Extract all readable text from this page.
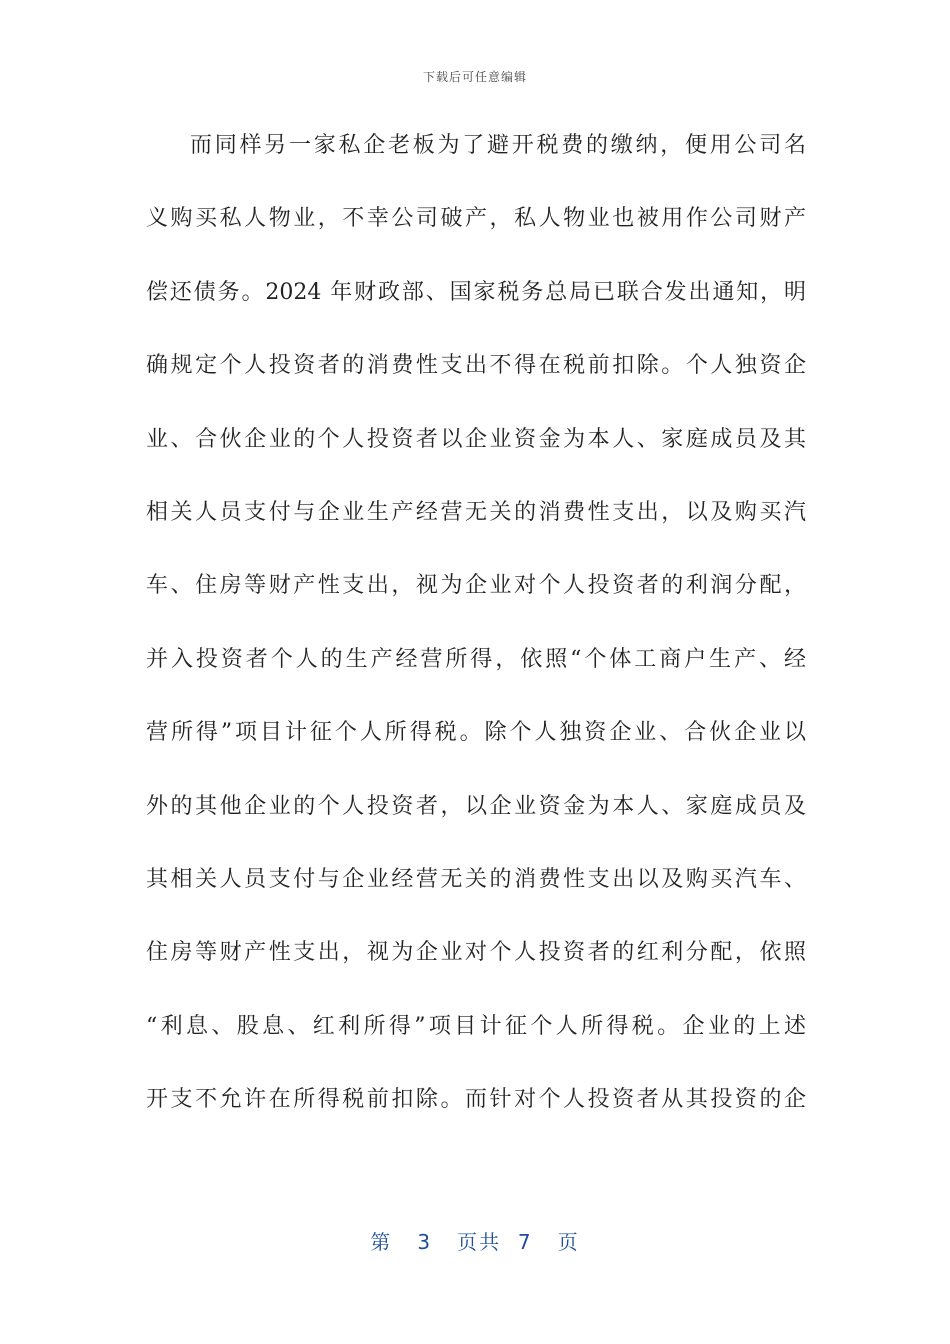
下载后可任意编辑
而同样另一家私企老板为了避开税费的缴纳，便用公司名
义购买私人物业，不幸公司破产，私人物业也被用作公司财产
偿还债务。2024 年财政部、国家税务总局已联合发出通知，明
确规定个人投资者的消费性支出不得在税前扣除。个人独资企
业、合伙企业的个人投资者以企业资金为本人、家庭成员及其
相关人员支付与企业生产经营无关的消费性支出，以及购买汽
车、住房等财产性支出，视为企业对个人投资者的利润分配，
并入投资者个人的生产经营所得，依照“个体工商户生产、经
营所得”项目计征个人所得税。除个人独资企业、合伙企业以
外的其他企业的个人投资者，以企业资金为本人、家庭成员及
其相关人员支付与企业经营无关的消费性支出以及购买汽车、
住房等财产性支出，视为企业对个人投资者的红利分配，依照
“利息、股息、红利所得”项目计征个人所得税。企业的上述
开支不允许在所得税前扣除。而针对个人投资者从其投资的企
第 3 页共 7 页
